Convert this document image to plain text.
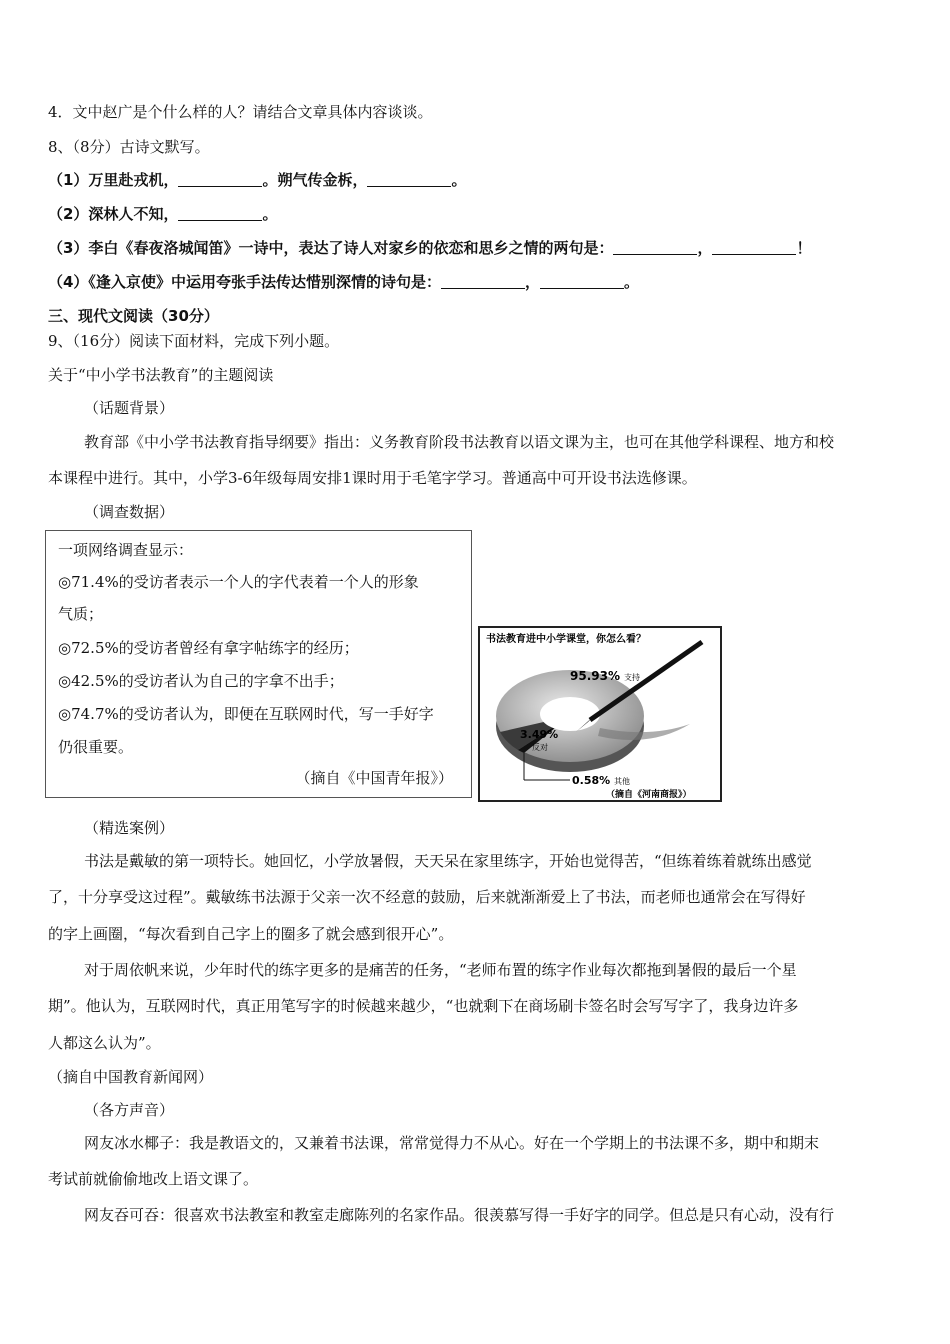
4．文中赵广是个什么样的人？请结合文章具体内容谈谈。
8、（8分）古诗文默写。
（1）万里赴戎机，	。朔气传金柝，	。
（2）深林人不知，	。
（3）李白《春夜洛城闻笛》一诗中，表达了诗人对家乡的依恋和思乡之情的两句是：	，	！
（4）《逢入京使》中运用夸张手法传达惜别深情的诗句是：	，	。
三、现代文阅读（30分）
9、（16分）阅读下面材料，完成下列小题。
关于“中小学书法教育”的主题阅读
（话题背景）
教育部《中小学书法教育指导纲要》指出：义务教育阶段书法教育以语文课为主，也可在其他学科课程、地方和校
本课程中进行。其中，小学3-6年级每周安排1课时用于毛笔字学习。普通高中可开设书法选修课。
（调查数据）
一项网络调查显示：
◎71.4%的受访者表示一个人的字代表着一个人的形象
气质；
◎72.5%的受访者曾经有拿字帖练字的经历；
◎42.5%的受访者认为自己的字拿不出手；
◎74.7%的受访者认为，即便在互联网时代，写一手好字
仍很重要。
（摘自《中国青年报》）
书法教育进中小学课堂，你怎么看？
95.93% 支持
3.49%
反对
0.58% 其他
（摘自《河南商报》）
（精选案例）
书法是戴敏的第一项特长。她回忆，小学放暑假，天天呆在家里练字，开始也觉得苦，“但练着练着就练出感觉
了，十分享受这过程”。戴敏练书法源于父亲一次不经意的鼓励，后来就渐渐爱上了书法，而老师也通常会在写得好
的字上画圈，“每次看到自己字上的圈多了就会感到很开心”。
对于周依帆来说，少年时代的练字更多的是痛苦的任务，“老师布置的练字作业每次都拖到暑假的最后一个星
期”。他认为，互联网时代，真正用笔写字的时候越来越少，“也就剩下在商场刷卡签名时会写写字了，我身边许多
人都这么认为”。
（摘自中国教育新闻网）
（各方声音）
网友冰水椰子：我是教语文的，又兼着书法课，常常觉得力不从心。好在一个学期上的书法课不多，期中和期末
考试前就偷偷地改上语文课了。
网友吞可吞：很喜欢书法教室和教室走廊陈列的名家作品。很羡慕写得一手好字的同学。但总是只有心动，没有行
